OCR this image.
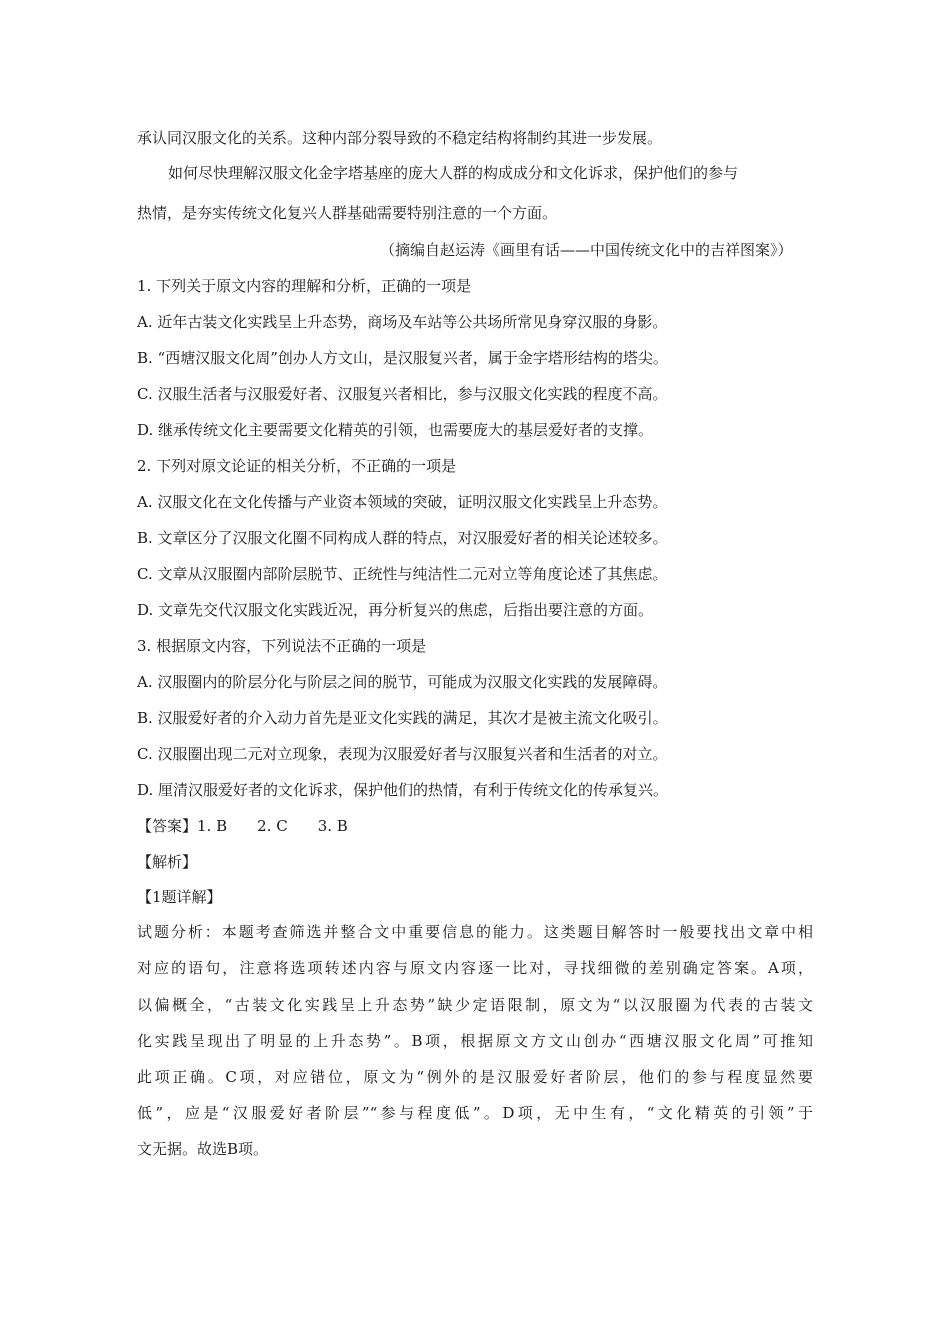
承认同汉服文化的关系。这种内部分裂导致的不稳定结构将制约其进一步发展。
如何尽快理解汉服文化金字塔基座的庞大人群的构成成分和文化诉求，保护他们的参与
热情，是夯实传统文化复兴人群基础需要特别注意的一个方面。
（摘编自赵运涛《画里有话——中国传统文化中的吉祥图案》）
1. 下列关于原文内容的理解和分析，正确的一项是
A. 近年古装文化实践呈上升态势，商场及车站等公共场所常见身穿汉服的身影。
B. “西塘汉服文化周”创办人方文山，是汉服复兴者，属于金字塔形结构的塔尖。
C. 汉服生活者与汉服爱好者、汉服复兴者相比，参与汉服文化实践的程度不高。
D. 继承传统文化主要需要文化精英的引领，也需要庞大的基层爱好者的支撑。
2. 下列对原文论证的相关分析，不正确的一项是
A. 汉服文化在文化传播与产业资本领域的突破，证明汉服文化实践呈上升态势。
B. 文章区分了汉服文化圈不同构成人群的特点，对汉服爱好者的相关论述较多。
C. 文章从汉服圈内部阶层脱节、正统性与纯洁性二元对立等角度论述了其焦虑。
D. 文章先交代汉服文化实践近况，再分析复兴的焦虑，后指出要注意的方面。
3. 根据原文内容，下列说法不正确的一项是
A. 汉服圈内的阶层分化与阶层之间的脱节，可能成为汉服文化实践的发展障碍。
B. 汉服爱好者的介入动力首先是亚文化实践的满足，其次才是被主流文化吸引。
C. 汉服圈出现二元对立现象，表现为汉服爱好者与汉服复兴者和生活者的对立。
D. 厘清汉服爱好者的文化诉求，保护他们的热情，有利于传统文化的传承复兴。
【答案】1. B 2. C 3. B
【解析】
【1题详解】
试题分析：本题考查筛选并整合文中重要信息的能力。这类题目解答时一般要找出文章中相
对应的语句，注意将选项转述内容与原文内容逐一比对，寻找细微的差别确定答案。A项，
以偏概全，“古装文化实践呈上升态势”缺少定语限制，原文为“以汉服圈为代表的古装文
化实践呈现出了明显的上升态势”。B项，根据原文方文山创办“西塘汉服文化周”可推知
此项正确。C项，对应错位，原文为“例外的是汉服爱好者阶层，他们的参与程度显然要
低”，应是“汉服爱好者阶层”“参与程度低”。D项，无中生有，“文化精英的引领”于
文无据。故选B项。
